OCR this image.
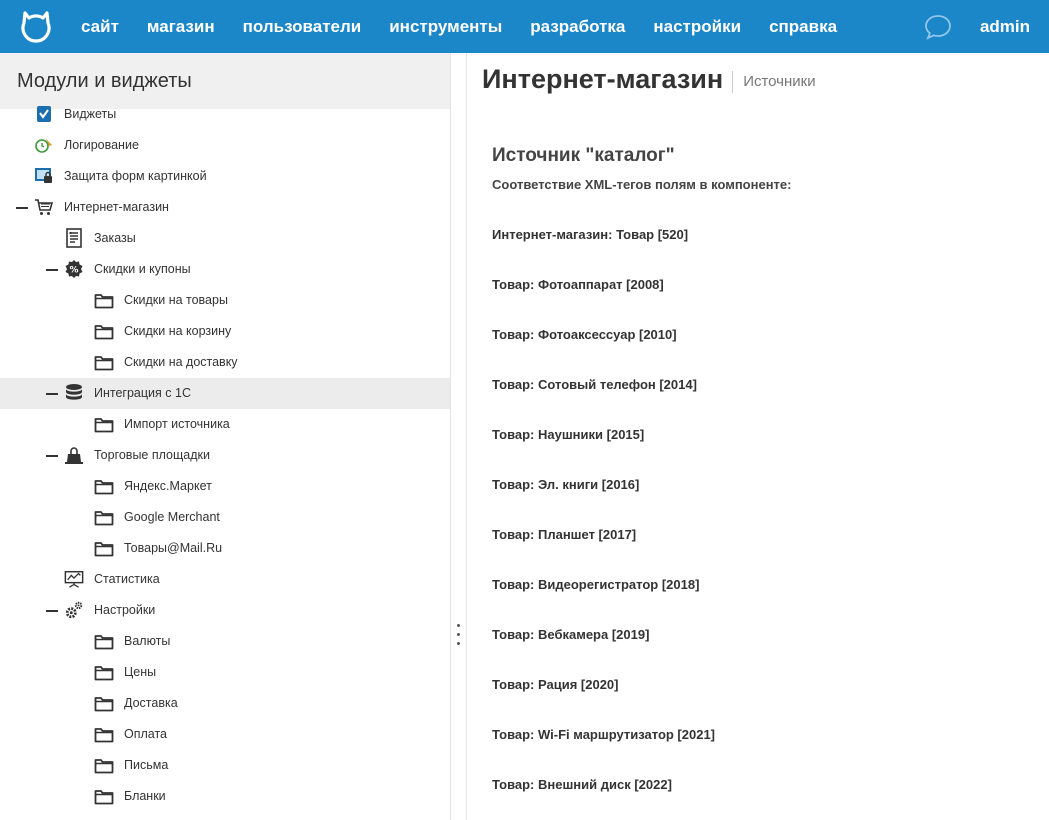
сайт	магазин	пользователи	инструменты	разработка	настройки	справка	admin
Модули и виджеты
Виджеты
Логирование
Защита форм картинкой
Интернет-магазин
Заказы
% Скидки и купоны
Скидки на товары
Скидки на корзину
Скидки на доставку
Интеграция с 1С
Импорт источника
Торговые площадки
Яндекс.Маркет
Google Merchant
Товары@Mail.Ru
Статистика
Настройки
Валюты
Цены
Доставка
Оплата
Письма
Бланки
Интернет-магазин Источники
Источник "каталог"
Соответствие XML-тегов полям в компоненте:
Интернет-магазин: Товар [520]
Товар: Фотоаппарат [2008]
Товар: Фотоаксессуар [2010]
Товар: Сотовый телефон [2014]
Товар: Наушники [2015]
Товар: Эл. книги [2016]
Товар: Планшет [2017]
Товар: Видеорегистратор [2018]
Товар: Вебкамера [2019]
Товар: Рация [2020]
Товар: Wi-Fi маршрутизатор [2021]
Товар: Внешний диск [2022]
